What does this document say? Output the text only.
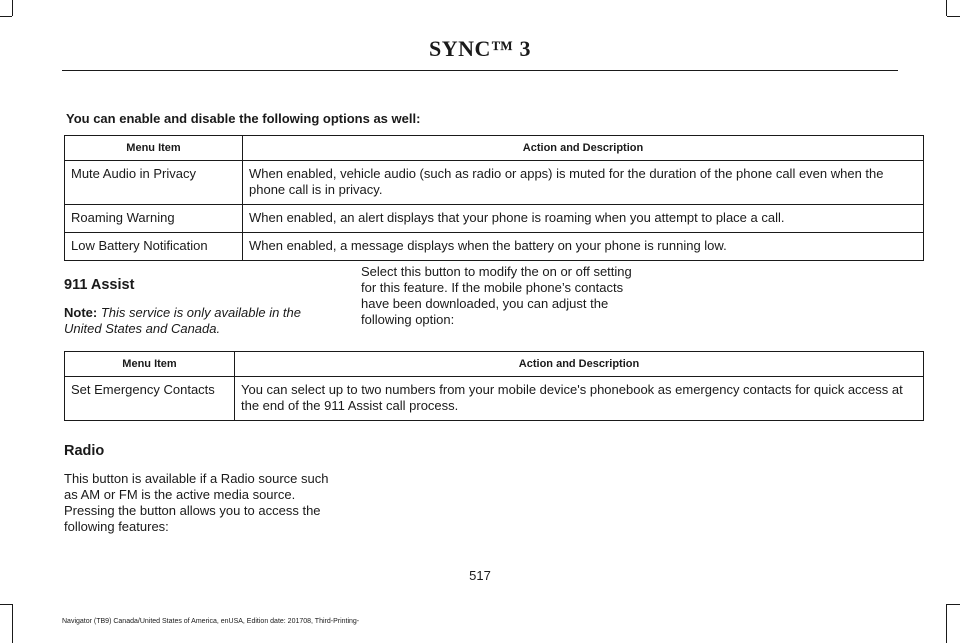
SYNC™ 3
You can enable and disable the following options as well:
Menu Item	Action and Description
Mute Audio in Privacy	When enabled, vehicle audio (such as radio or apps) is muted for the duration of the phone call even when the phone call is in privacy.
Roaming Warning	When enabled, an alert displays that your phone is roaming when you attempt to place a call.
Low Battery Notification	When enabled, a message displays when the battery on your phone is running low.
911 Assist
Note: This service is only available in the United States and Canada.
Select this button to modify the on or off setting for this feature. If the mobile phone’s contacts have been downloaded, you can adjust the following option:
Menu Item	Action and Description
Set Emergency Contacts	You can select up to two numbers from your mobile device's phonebook as emergency contacts for quick access at the end of the 911 Assist call process.
Radio
This button is available if a Radio source such as AM or FM is the active media source. Pressing the button allows you to access the following features:
517
Navigator (TB9) Canada/United States of America, enUSA, Edition date: 201708, Third-Printing-
